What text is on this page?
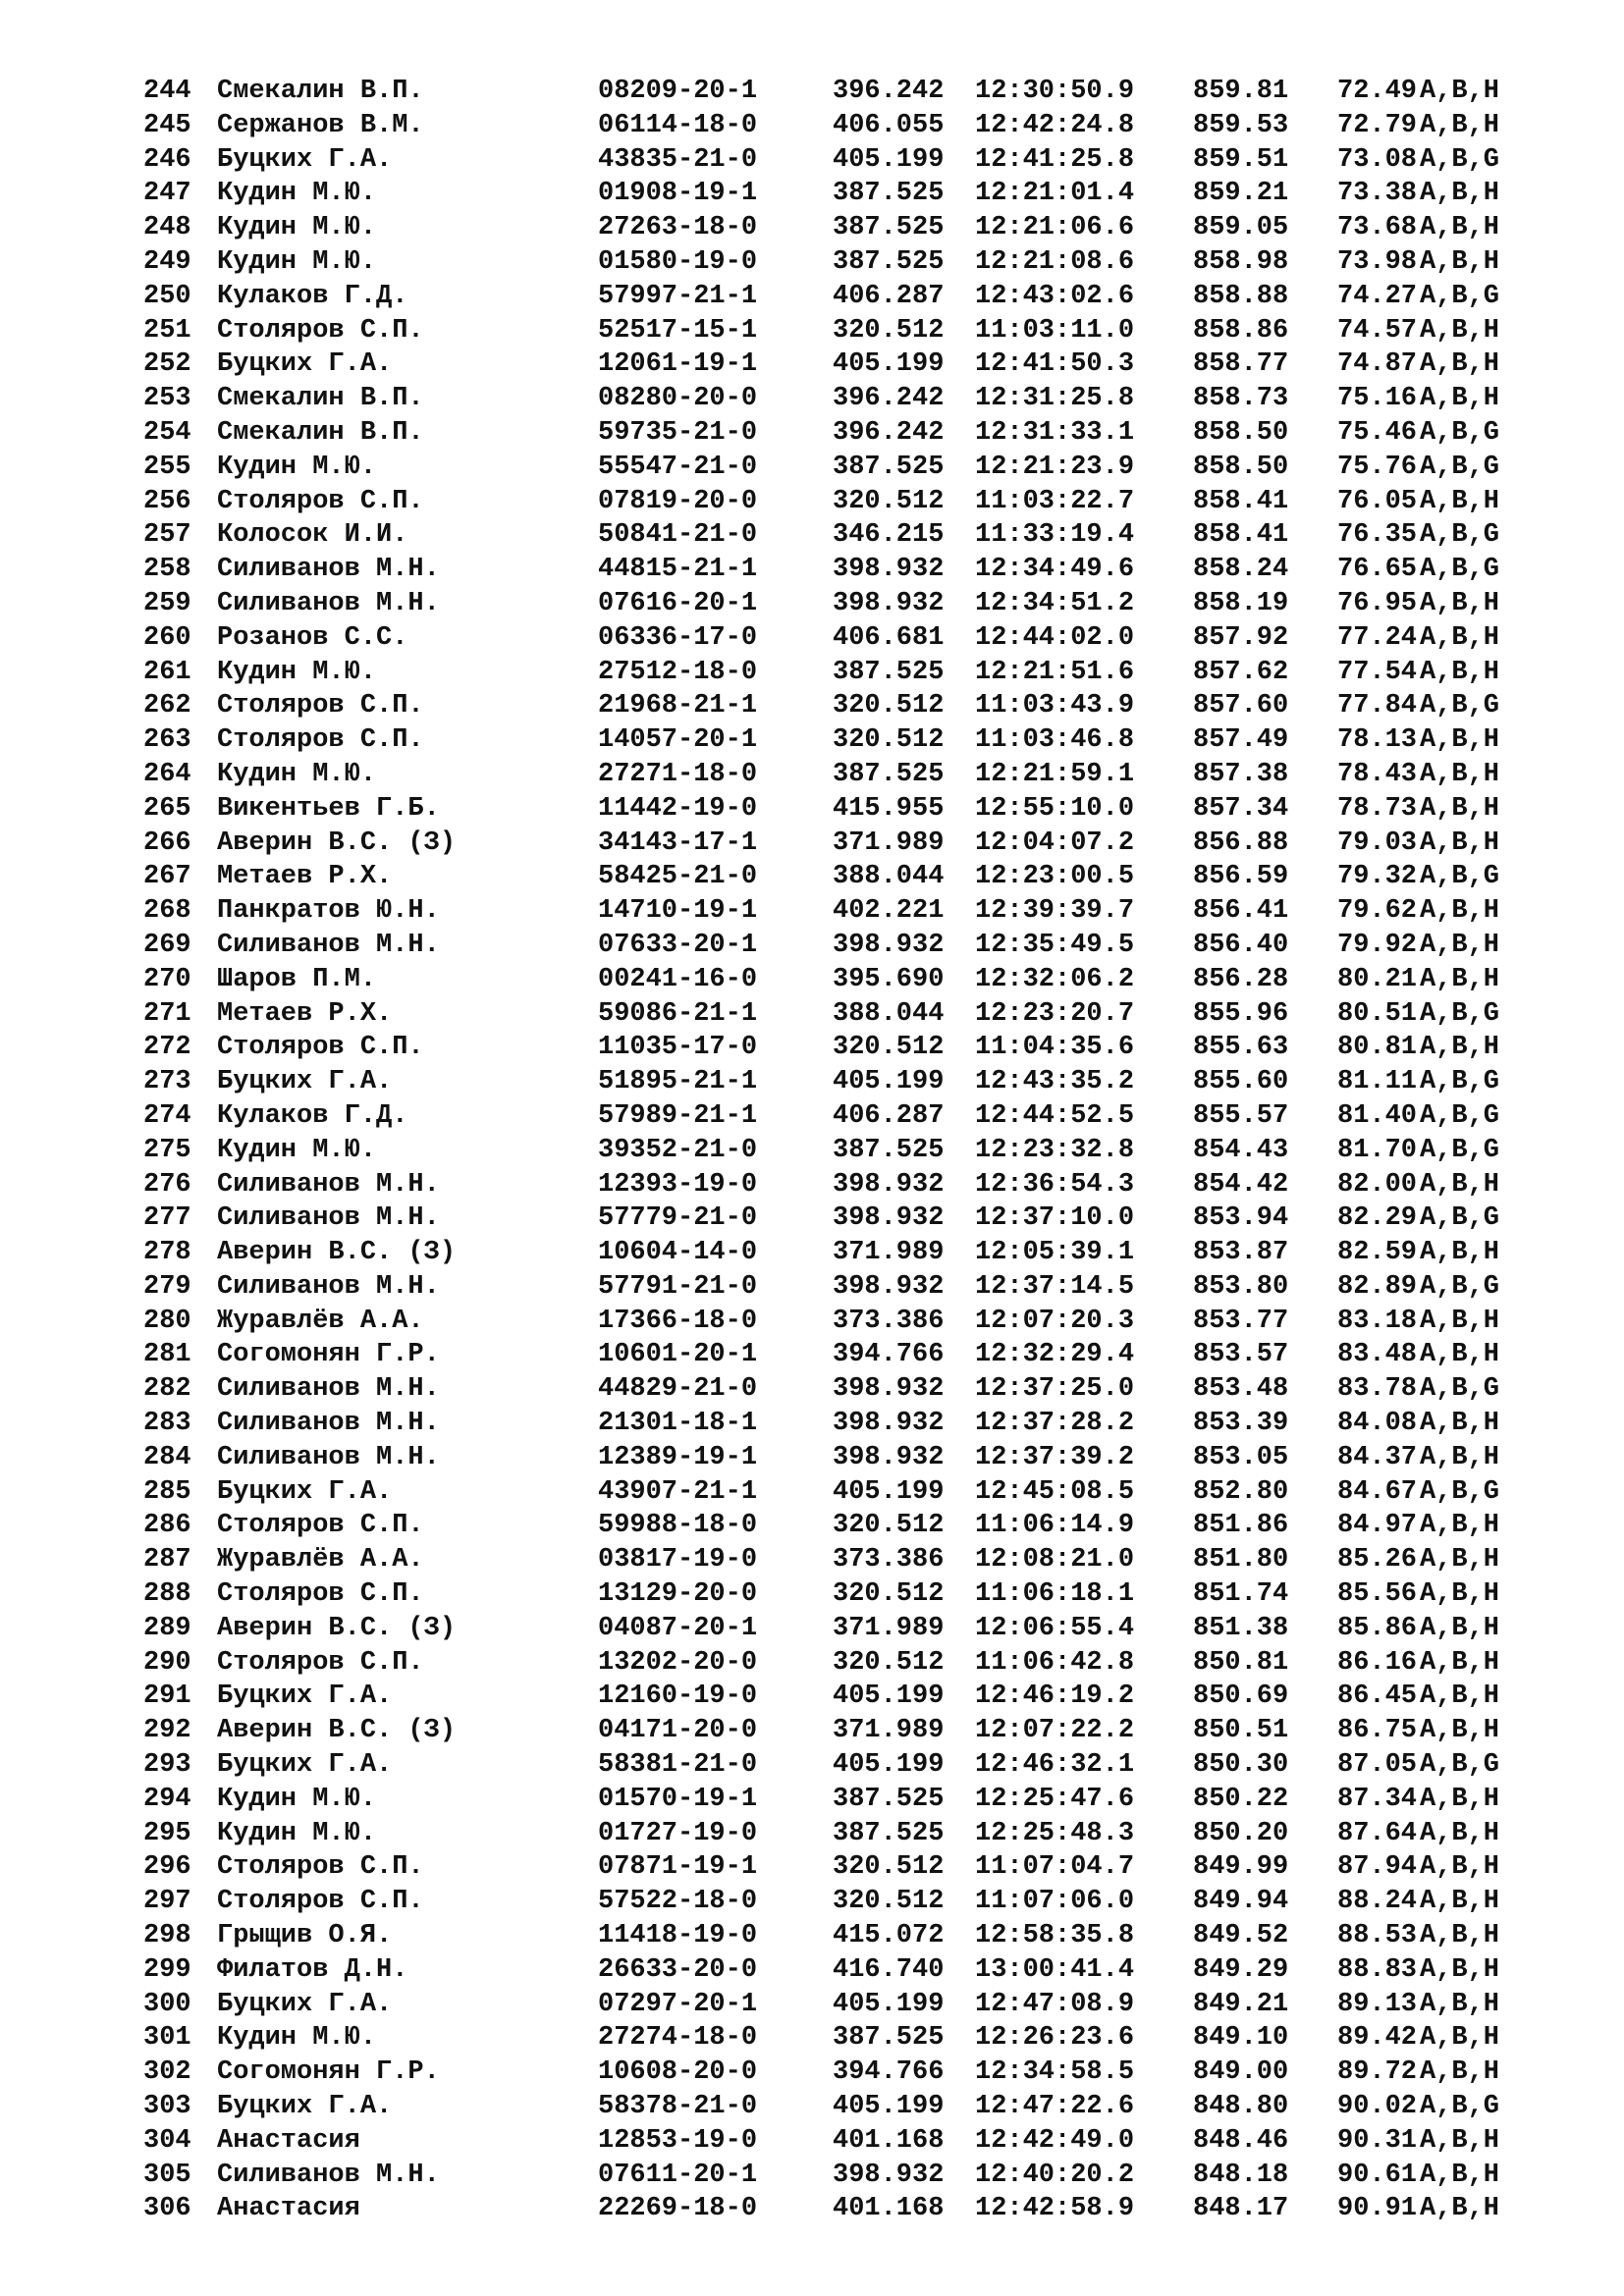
244 Смекалин В.П.	08209-20-1	396.242 12:30:50.9 859.81 72.49 A,B,H
245 Сержанов В.М.	06114-18-0	406.055 12:42:24.8 859.53 72.79 A,B,H
246 Буцких Г.А.	43835-21-0	405.199 12:41:25.8 859.51 73.08 A,B,G
247 Кудин М.Ю.	01908-19-1	387.525 12:21:01.4 859.21 73.38 A,B,H
248 Кудин М.Ю.	27263-18-0	387.525 12:21:06.6 859.05 73.68 A,B,H
249 Кудин М.Ю.	01580-19-0	387.525 12:21:08.6 858.98 73.98 A,B,H
250 Кулаков Г.Д.	57997-21-1	406.287 12:43:02.6 858.88 74.27 A,B,G
251 Столяров С.П.	52517-15-1	320.512 11:03:11.0 858.86 74.57 A,B,H
252 Буцких Г.А.	12061-19-1	405.199 12:41:50.3 858.77 74.87 A,B,H
253 Смекалин В.П.	08280-20-0	396.242 12:31:25.8 858.73 75.16 A,B,H
254 Смекалин В.П.	59735-21-0	396.242 12:31:33.1 858.50 75.46 A,B,G
255 Кудин М.Ю.	55547-21-0	387.525 12:21:23.9 858.50 75.76 A,B,G
256 Столяров С.П.	07819-20-0	320.512 11:03:22.7 858.41 76.05 A,B,H
257 Колосок И.И.	50841-21-0	346.215 11:33:19.4 858.41 76.35 A,B,G
258 Силиванов М.Н.	44815-21-1	398.932 12:34:49.6 858.24 76.65 A,B,G
259 Силиванов М.Н.	07616-20-1	398.932 12:34:51.2 858.19 76.95 A,B,H
260 Розанов С.С.	06336-17-0	406.681 12:44:02.0 857.92 77.24 A,B,H
261 Кудин М.Ю.	27512-18-0	387.525 12:21:51.6 857.62 77.54 A,B,H
262 Столяров С.П.	21968-21-1	320.512 11:03:43.9 857.60 77.84 A,B,G
263 Столяров С.П.	14057-20-1	320.512 11:03:46.8 857.49 78.13 A,B,H
264 Кудин М.Ю.	27271-18-0	387.525 12:21:59.1 857.38 78.43 A,B,H
265 Викентьев Г.Б.	11442-19-0	415.955 12:55:10.0 857.34 78.73 A,B,H
266 Аверин В.С. (З)	34143-17-1	371.989 12:04:07.2 856.88 79.03 A,B,H
267 Метаев Р.Х.	58425-21-0	388.044 12:23:00.5 856.59 79.32 A,B,G
268 Панкратов Ю.Н.	14710-19-1	402.221 12:39:39.7 856.41 79.62 A,B,H
269 Силиванов М.Н.	07633-20-1	398.932 12:35:49.5 856.40 79.92 A,B,H
270 Шаров П.М.	00241-16-0	395.690 12:32:06.2 856.28 80.21 A,B,H
271 Метаев Р.Х.	59086-21-1	388.044 12:23:20.7 855.96 80.51 A,B,G
272 Столяров С.П.	11035-17-0	320.512 11:04:35.6 855.63 80.81 A,B,H
273 Буцких Г.А.	51895-21-1	405.199 12:43:35.2 855.60 81.11 A,B,G
274 Кулаков Г.Д.	57989-21-1	406.287 12:44:52.5 855.57 81.40 A,B,G
275 Кудин М.Ю.	39352-21-0	387.525 12:23:32.8 854.43 81.70 A,B,G
276 Силиванов М.Н.	12393-19-0	398.932 12:36:54.3 854.42 82.00 A,B,H
277 Силиванов М.Н.	57779-21-0	398.932 12:37:10.0 853.94 82.29 A,B,G
278 Аверин В.С. (З)	10604-14-0	371.989 12:05:39.1 853.87 82.59 A,B,H
279 Силиванов М.Н.	57791-21-0	398.932 12:37:14.5 853.80 82.89 A,B,G
280 Журавлёв А.А.	17366-18-0	373.386 12:07:20.3 853.77 83.18 A,B,H
281 Согомонян Г.Р.	10601-20-1	394.766 12:32:29.4 853.57 83.48 A,B,H
282 Силиванов М.Н.	44829-21-0	398.932 12:37:25.0 853.48 83.78 A,B,G
283 Силиванов М.Н.	21301-18-1	398.932 12:37:28.2 853.39 84.08 A,B,H
284 Силиванов М.Н.	12389-19-1	398.932 12:37:39.2 853.05 84.37 A,B,H
285 Буцких Г.А.	43907-21-1	405.199 12:45:08.5 852.80 84.67 A,B,G
286 Столяров С.П.	59988-18-0	320.512 11:06:14.9 851.86 84.97 A,B,H
287 Журавлёв А.А.	03817-19-0	373.386 12:08:21.0 851.80 85.26 A,B,H
288 Столяров С.П.	13129-20-0	320.512 11:06:18.1 851.74 85.56 A,B,H
289 Аверин В.С. (З)	04087-20-1	371.989 12:06:55.4 851.38 85.86 A,B,H
290 Столяров С.П.	13202-20-0	320.512 11:06:42.8 850.81 86.16 A,B,H
291 Буцких Г.А.	12160-19-0	405.199 12:46:19.2 850.69 86.45 A,B,H
292 Аверин В.С. (З)	04171-20-0	371.989 12:07:22.2 850.51 86.75 A,B,H
293 Буцких Г.А.	58381-21-0	405.199 12:46:32.1 850.30 87.05 A,B,G
294 Кудин М.Ю.	01570-19-1	387.525 12:25:47.6 850.22 87.34 A,B,H
295 Кудин М.Ю.	01727-19-0	387.525 12:25:48.3 850.20 87.64 A,B,H
296 Столяров С.П.	07871-19-1	320.512 11:07:04.7 849.99 87.94 A,B,H
297 Столяров С.П.	57522-18-0	320.512 11:07:06.0 849.94 88.24 A,B,H
298 Грыщив О.Я.	11418-19-0	415.072 12:58:35.8 849.52 88.53 A,B,H
299 Филатов Д.Н.	26633-20-0	416.740 13:00:41.4 849.29 88.83 A,B,H
300 Буцких Г.А.	07297-20-1	405.199 12:47:08.9 849.21 89.13 A,B,H
301 Кудин М.Ю.	27274-18-0	387.525 12:26:23.6 849.10 89.42 A,B,H
302 Согомонян Г.Р.	10608-20-0	394.766 12:34:58.5 849.00 89.72 A,B,H
303 Буцких Г.А.	58378-21-0	405.199 12:47:22.6 848.80 90.02 A,B,G
304 Анастасия	12853-19-0	401.168 12:42:49.0 848.46 90.31 A,B,H
305 Силиванов М.Н.	07611-20-1	398.932 12:40:20.2 848.18 90.61 A,B,H
306 Анастасия	22269-18-0	401.168 12:42:58.9 848.17 90.91 A,B,H
